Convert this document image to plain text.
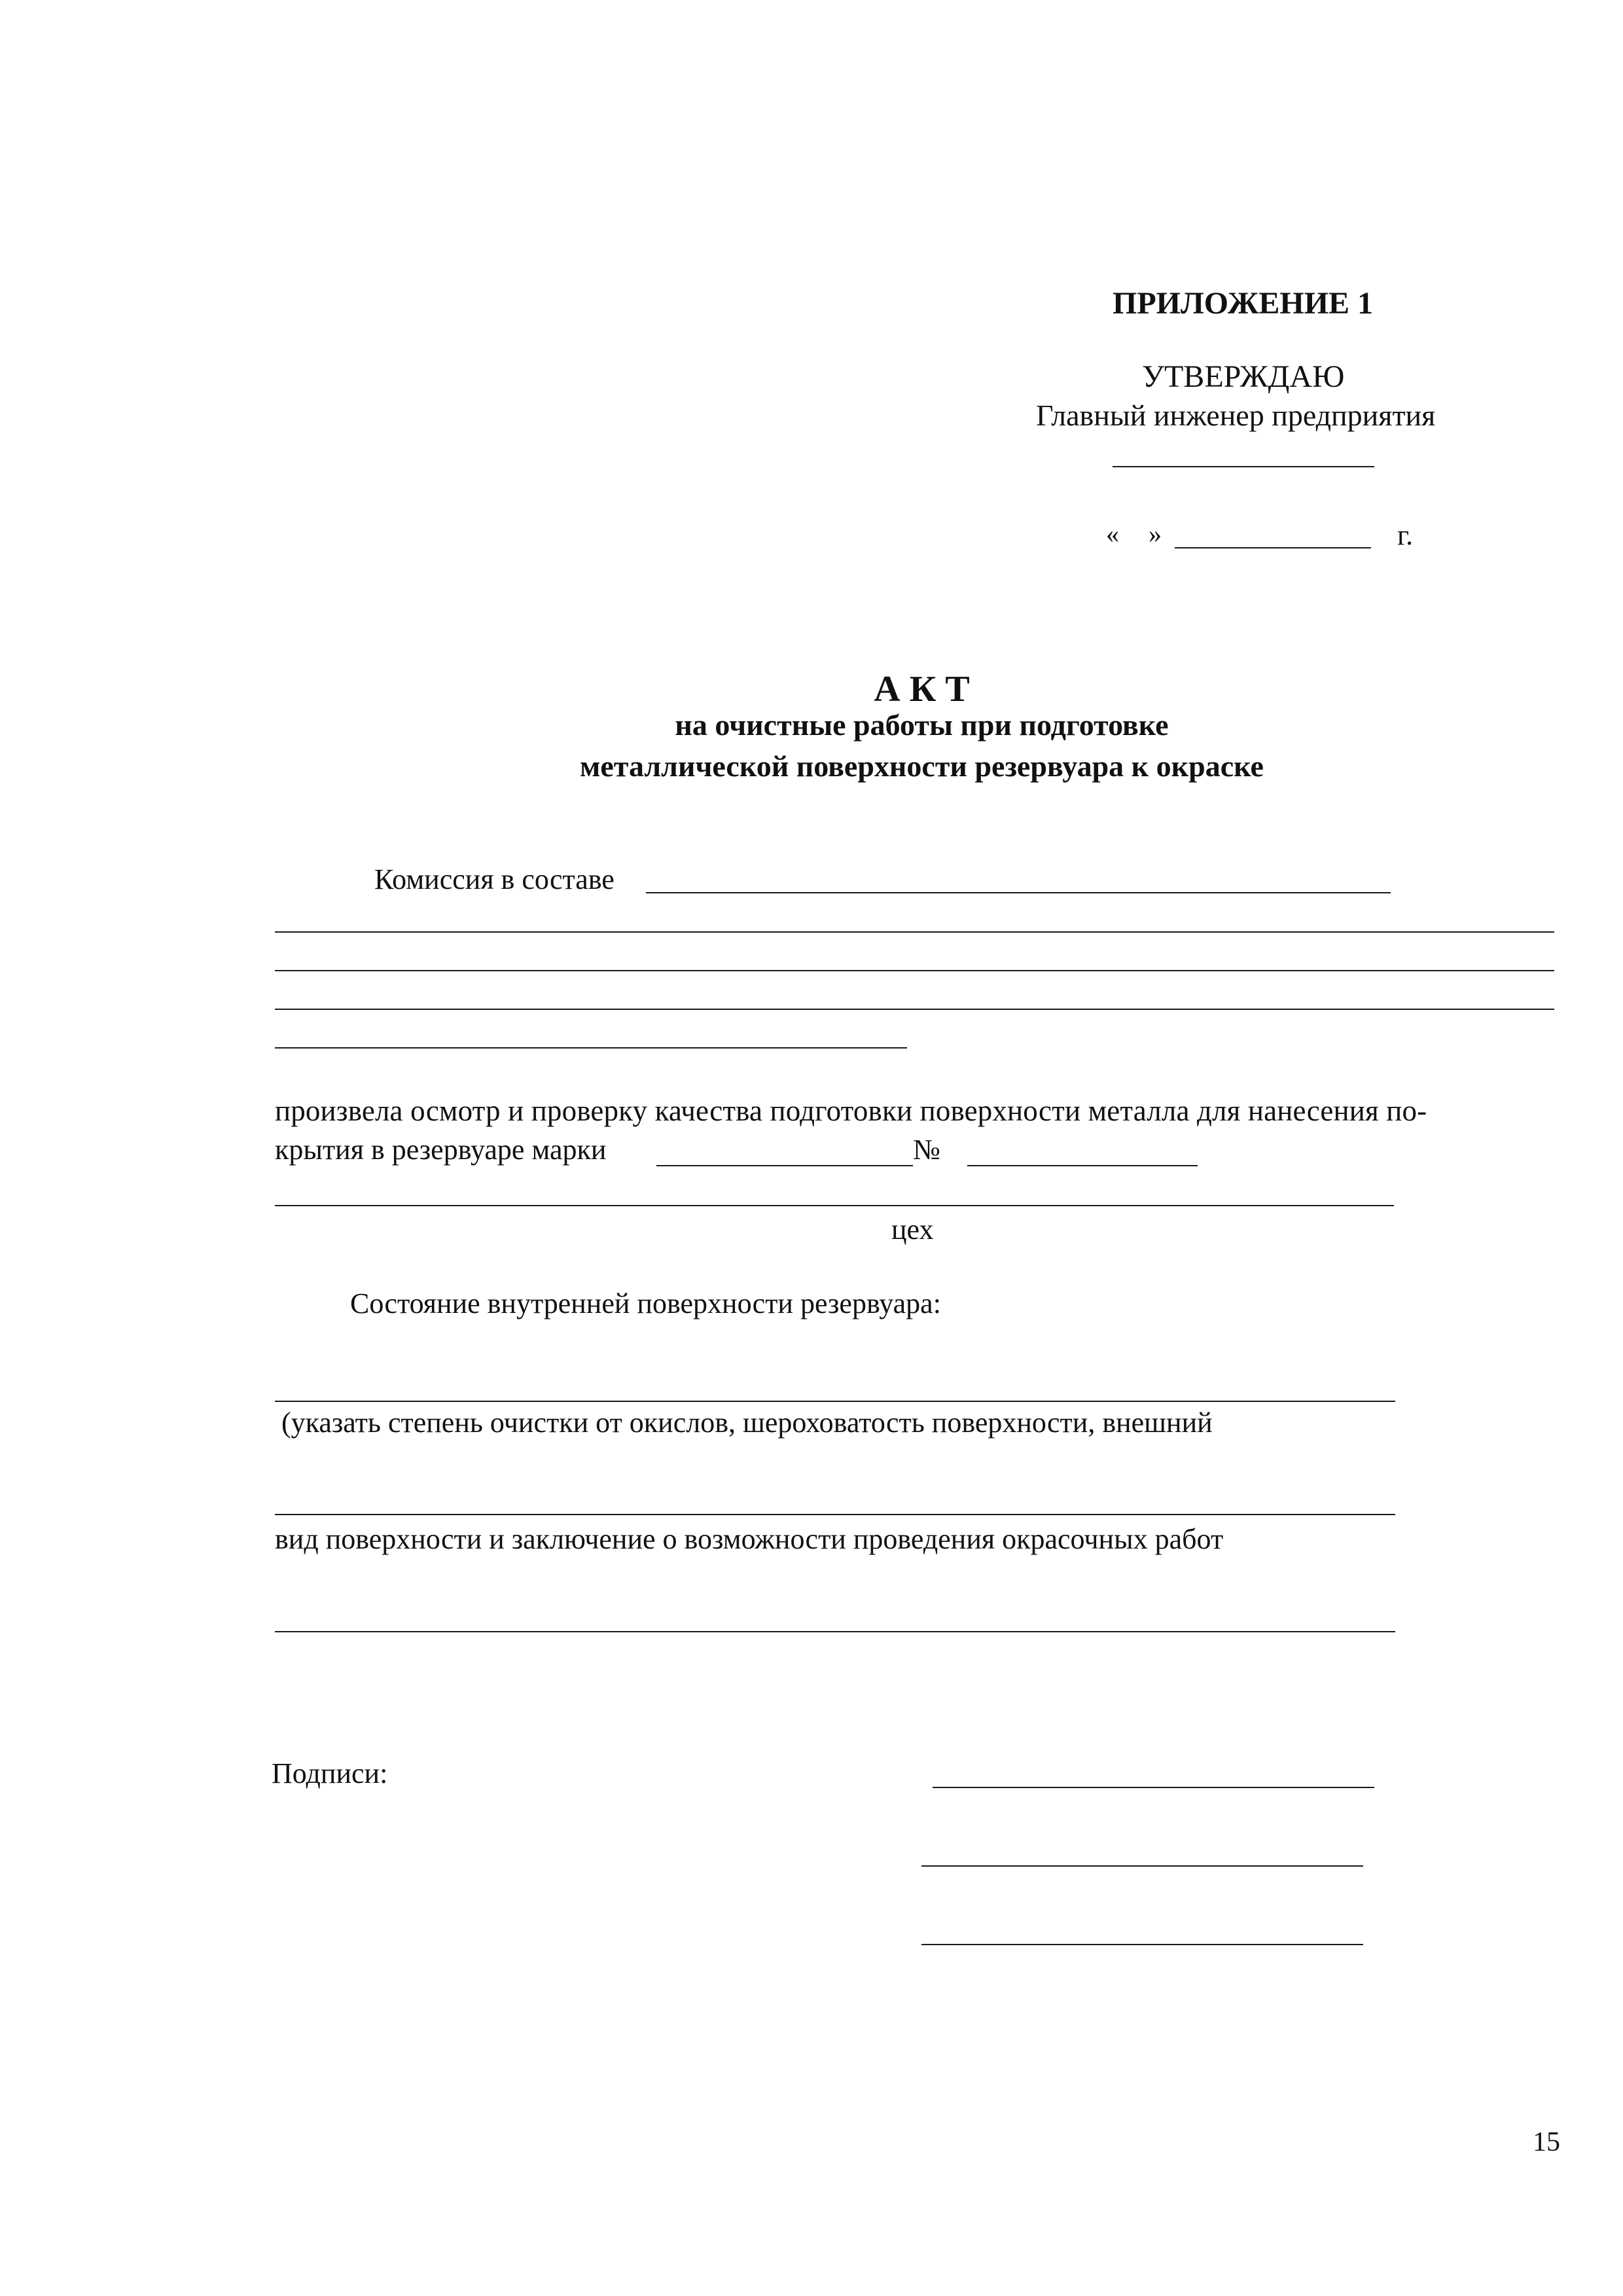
ПРИЛОЖЕНИЕ 1
УТВЕРЖДАЮ
Главный инженер предприятия
« »	г.
А К Т
на очистные работы при подготовке
металлической поверхности резервуара к окраске
Комиссия в составе
произвела осмотр и проверку качества подготовки поверхности металла для нанесения по-
крытия в резервуаре марки	№
цех
Состояние внутренней поверхности резервуара:
(указать степень очистки от окислов, шероховатость поверхности, внешний
вид поверхности и заключение о возможности проведения окрасочных работ
Подписи:
15
